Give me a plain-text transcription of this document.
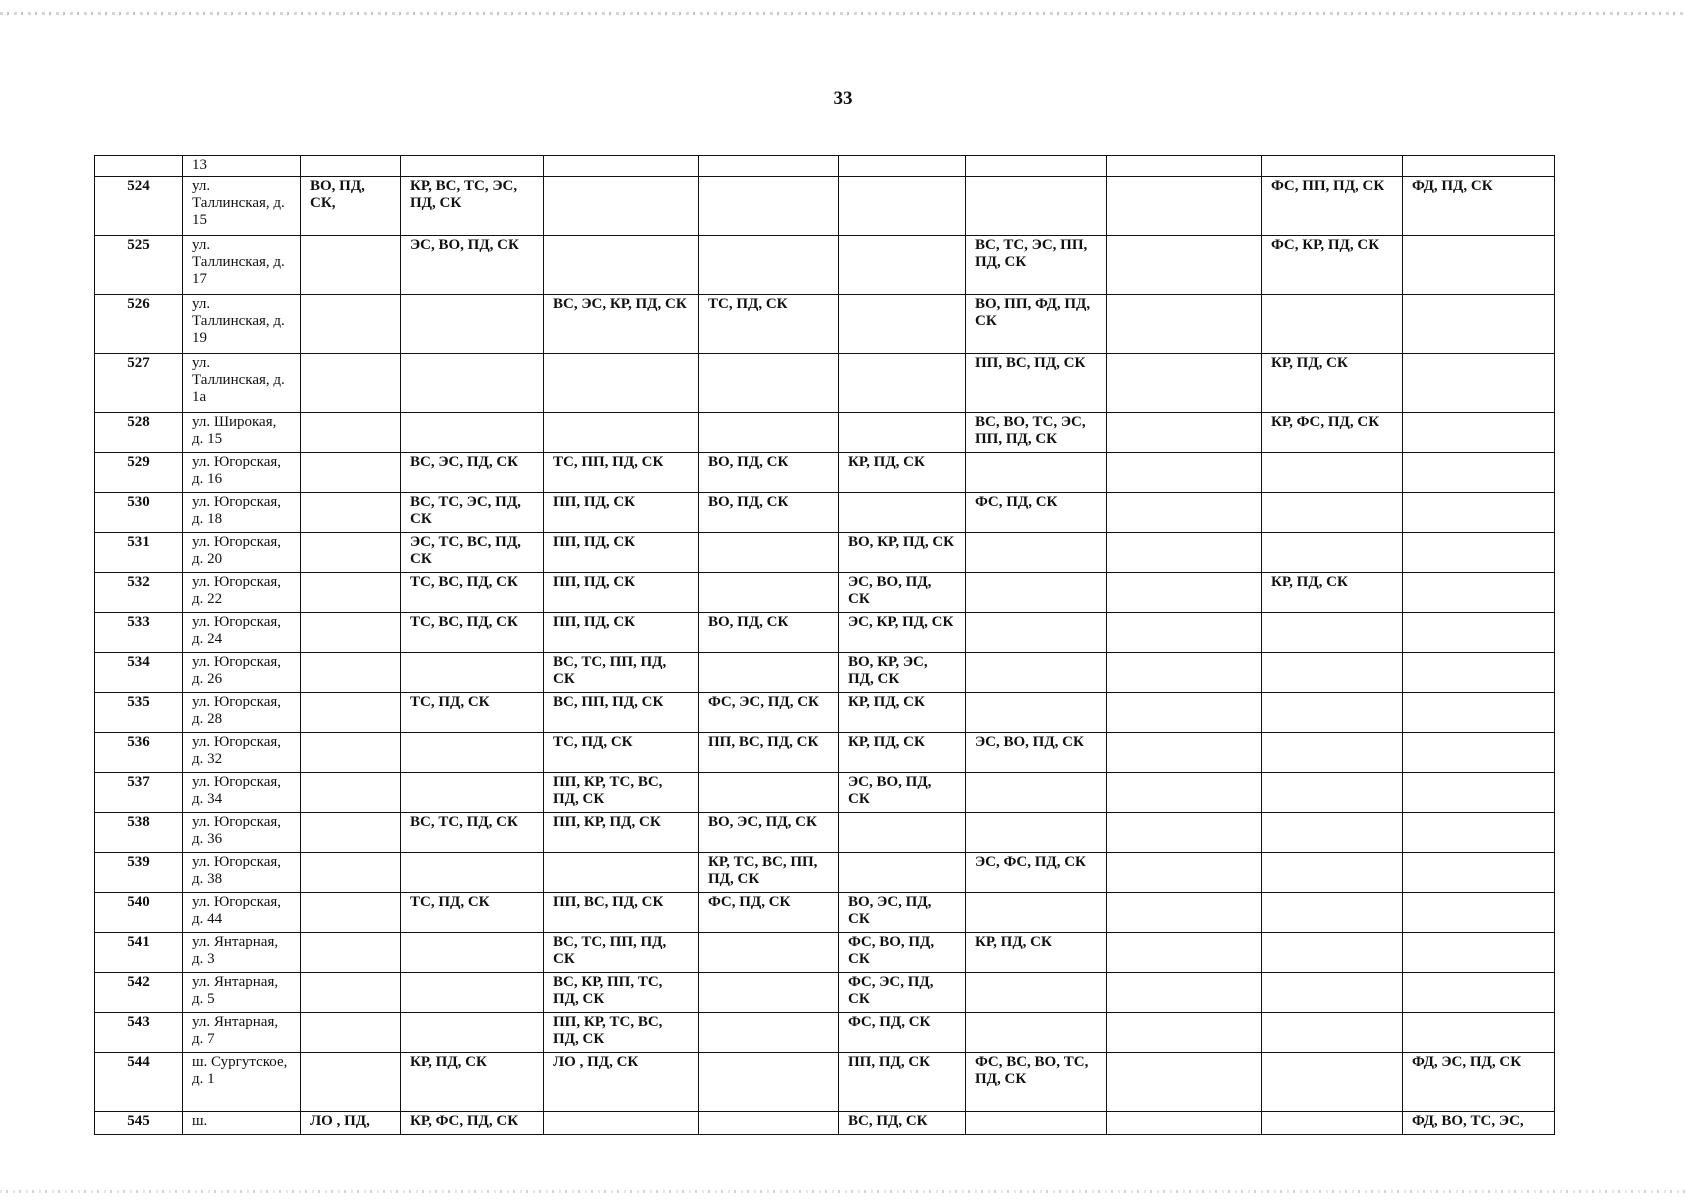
33
	13									
524	ул. Таллинская, д. 15	ВО, ПД, СК,	КР, ВС, ТС, ЭС, ПД, СК						ФС, ПП, ПД, СК	ФД, ПД, СК
525	ул. Таллинская, д. 17		ЭС, ВО, ПД, СК				ВС, ТС, ЭС, ПП, ПД, СК		ФС, КР, ПД, СК	
526	ул. Таллинская, д. 19			ВС, ЭС, КР, ПД, СК	ТС, ПД, СК		ВО, ПП, ФД, ПД, СК			
527	ул. Таллинская, д. 1а						ПП, ВС, ПД, СК		КР, ПД, СК	
528	ул. Широкая, д. 15						ВС, ВО, ТС, ЭС, ПП, ПД, СК		КР, ФС, ПД, СК	
529	ул. Югорская, д. 16		ВС, ЭС, ПД, СК	ТС, ПП, ПД, СК	ВО, ПД, СК	КР, ПД, СК				
530	ул. Югорская, д. 18		ВС, ТС, ЭС, ПД, СК	ПП, ПД, СК	ВО, ПД, СК		ФС, ПД, СК			
531	ул. Югорская, д. 20		ЭС, ТС, ВС, ПД, СК	ПП, ПД, СК		ВО, КР, ПД, СК				
532	ул. Югорская, д. 22		ТС, ВС, ПД, СК	ПП, ПД, СК		ЭС, ВО, ПД, СК			КР, ПД, СК	
533	ул. Югорская, д. 24		ТС, ВС, ПД, СК	ПП, ПД, СК	ВО, ПД, СК	ЭС, КР, ПД, СК				
534	ул. Югорская, д. 26			ВС, ТС, ПП, ПД, СК		ВО, КР, ЭС, ПД, СК				
535	ул. Югорская, д. 28		ТС, ПД, СК	ВС, ПП, ПД, СК	ФС, ЭС, ПД, СК	КР, ПД, СК				
536	ул. Югорская, д. 32			ТС, ПД, СК	ПП, ВС, ПД, СК	КР, ПД, СК	ЭС, ВО, ПД, СК			
537	ул. Югорская, д. 34			ПП, КР, ТС, ВС, ПД, СК		ЭС, ВО, ПД, СК				
538	ул. Югорская, д. 36		ВС, ТС, ПД, СК	ПП, КР, ПД, СК	ВО, ЭС, ПД, СК					
539	ул. Югорская, д. 38				КР, ТС, ВС, ПП, ПД, СК		ЭС, ФС, ПД, СК			
540	ул. Югорская, д. 44		ТС, ПД, СК	ПП, ВС, ПД, СК	ФС, ПД, СК	ВО, ЭС, ПД, СК				
541	ул. Янтарная, д. 3			ВС, ТС, ПП, ПД, СК		ФС, ВО, ПД, СК	КР, ПД, СК			
542	ул. Янтарная, д. 5			ВС, КР, ПП, ТС, ПД, СК		ФС, ЭС, ПД, СК				
543	ул. Янтарная, д. 7			ПП, КР, ТС, ВС, ПД, СК		ФС, ПД, СК				
544	ш. Сургутское, д. 1		КР, ПД, СК	ЛО , ПД, СК		ПП, ПД, СК	ФС, ВС, ВО, ТС, ПД, СК			ФД, ЭС, ПД, СК
545	ш.	ЛО , ПД,	КР, ФС, ПД, СК			ВС, ПД, СК				ФД, ВО, ТС, ЭС,
